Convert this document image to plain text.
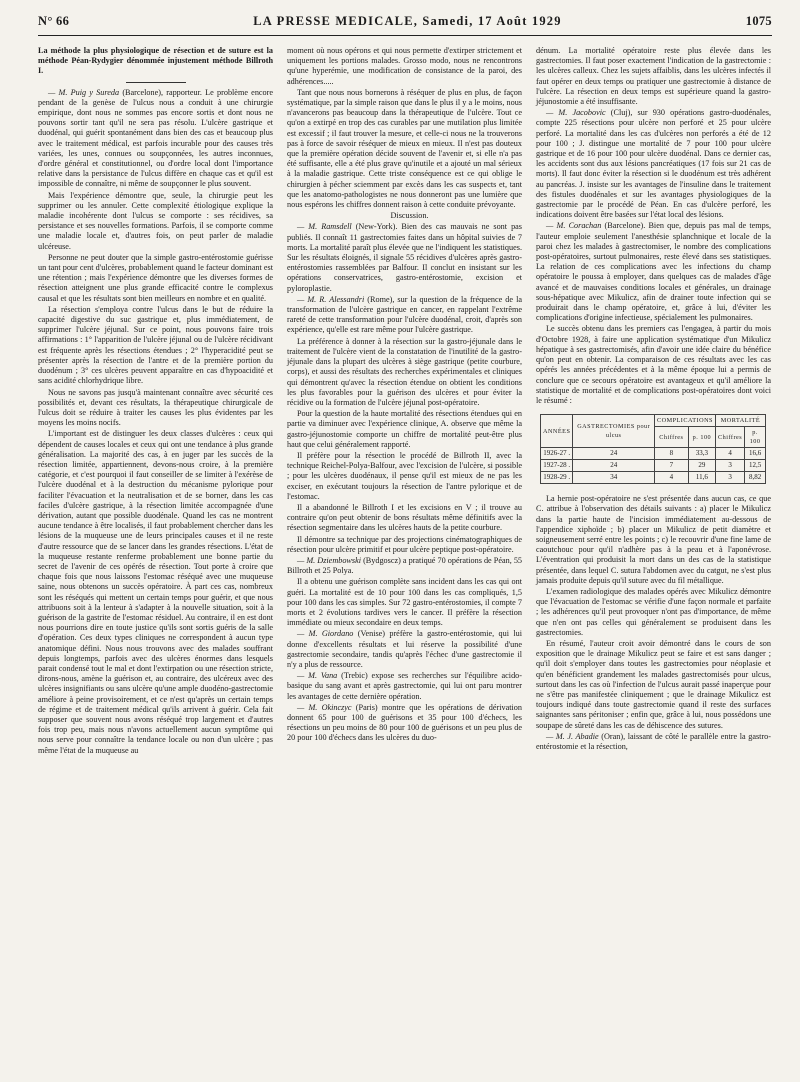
N° 66	LA PRESSE MEDICALE, Samedi, 17 Août 1929	1075

La méthode la plus physiologique de résection et de suture est la méthode Péan-Rydygier dénommée injustement méthode Billroth I.

— M. Puig y Sureda (Barcelone), rapporteur. Le problème encore pendant de la genèse de l'ulcus nous a conduit à une chirurgie empirique, dont nous ne sommes pas encore sortis et dont nous ne pouvons sortir tant qu'il ne sera pas résolu. L'ulcère gastrique et duodénal, qui guérit spontanément dans bien des cas et beaucoup plus avec le traitement médical, est parfois incurable pour des causes très variées, les unes, connues ou soupçonnées, les autres inconnues, d'ordre général et constitutionnel, ou d'ordre local dont l'importance relative dans la persistance de l'ulcus diffère en chaque cas et qu'il est impossible de connaître, ni même de soupçonner le plus souvent.

Mais l'expérience démontre que, seule, la chirurgie peut les supprimer ou les annuler. Cette complexité étiologique explique la maladie incohérente dont l'ulcus se comporte : ses récidives, sa persistance et ses nouvelles formations. Parfois, il se comporte comme une maladie locale et, d'autres fois, on peut parler de maladie ulcéreuse.

Personne ne peut douter que la simple gastro-entérostomie guérisse un tant pour cent d'ulcères, probablement quand le facteur dominant est une rétention ; mais l'expérience démontre que les diverses formes de résection atteignent une plus grande efficacité contre le complexus causal et que les résultats sont bien meilleurs en nombre et en qualité.

La résection s'employa contre l'ulcus dans le but de réduire la capacité digestive du suc gastrique et, plus immédiatement, de supprimer l'ulcère jéjunal. Sur ce point, nous pouvons faire trois affirmations : 1° l'apparition de l'ulcère jéjunal ou de l'ulcère récidivant est fréquente après les résections étendues ; 2° l'hyperacidité peut se présenter après la résection de l'antre et de la première portion du duodénum ; 3° ces ulcères peuvent apparaître en cas d'hypoacidité et sans acidité chlorhydrique libre.

Nous ne savons pas jusqu'à maintenant connaître avec sécurité ces possibilités et, devant ces résultats, la thérapeutique chirurgicale de l'ulcus doit se réduire à traiter les causes les plus évidentes par les moyens les moins nocifs.

L'important est de distinguer les deux classes d'ulcères : ceux qui dépendent de causes locales et ceux qui ont une tendance à plus grande généralisation. La majorité des cas, à en juger par les succès de la résection limitée, appartiennent, devons-nous croire, à la première catégorie, et c'est pourquoi il faut conseiller de se limiter à l'exérèse de l'ulcère duodénal et à la destruction du mécanisme pylorique pour faciliter l'évacuation et la neutralisation et de se borner, dans les cas faciles d'ulcère gastrique, à la résection limitée accompagnée d'une dérivation, autant que possible duodénale. Quand les cas ne montrent aucune tendance à être localisés, il faut probablement chercher dans les lésions de la muqueuse une de leurs principales causes et il ne reste d'autre ressource que de se lancer dans les grandes résections. L'état de la muqueuse restante renferme probablement une bonne partie du secret de l'avenir de ces opérés de résection. Tout porte à croire que chaque fois que nous laissons l'estomac réséqué avec une muqueuse saine, nous obtenons un succès opératoire. À part ces cas, nombreux sont les réséqués qui mettent un certain temps pour guérir, et que nous attribuons soit à la lenteur à s'adapter à la nouvelle situation, soit à la guérison de la gastrite de l'estomac résiduel. Au contraire, il en est dont nous pourrions dire en toute justice qu'ils sont sortis guéris de la salle d'opération. Ces deux types cliniques ne correspondent à aucun type anatomique défini. Nous nous trouvons avec des malades souffrant depuis longtemps, parfois avec des ulcères énormes dans lesquels parait condensé tout le mal et dont l'extirpation ou une résection stricte, dirons-nous, amène la guérison et, au contraire, des ulcéreux avec des ulcères insignifiants ou sans ulcère qu'une ample duodéno-gastrectomie améliore à peine provisoirement, et ce n'est qu'après un certain temps de régime et de traitement médical qu'ils arrivent à guérir. Cela fait supposer que souvent nous avons réséqué trop largement et d'autres fois trop peu, mais nous n'avons actuellement aucun symptôme qui nous serve pour connaître la tendance locale ou non d'un ulcère ; pas même l'état de la muqueuse au

moment où nous opérons et qui nous permette d'extirper strictement et uniquement les portions malades. Grosso modo, nous ne rencontrons qu'une hyperémie, une modification de consistance de la paroi, des adhérences.....

Tant que nous nous bornerons à réséquer de plus en plus, de façon systématique, par la simple raison que dans le plus il y a le moins, nous n'avancerons pas beaucoup dans la thérapeutique de l'ulcère. Tout ce qu'on a extirpé en trop des cas curables par une mutilation plus limitée est excessif ; il faut trouver la mesure, et celle-ci nous ne la trouverons pas à force de savoir réséquer de mieux en mieux. Il n'est pas douteux que la première opération décide souvent de l'avenir et, si elle n'a pas été suffisante, elle a été plus grave qu'inutile et a ajouté un mal sérieux à la maladie gastrique. Cette triste conséquence est ce qui oblige le chirurgien à pécher sciemment par excès dans les cas suspects et, tant que les anatomo-pathologistes ne nous donneront pas une lumière que nous espérons les chiffres donnent raison à cette conduite prévoyante.

Discussion.

— M. Ramsdell (New-York). Bien des cas mauvais ne sont pas publiés. Il connaît 11 gastrectomies faites dans un hôpital suivies de 7 morts. La mortalité paraît plus élevée que ne l'indiquent les statistiques. Sur les résultats éloignés, il signale 55 récidives d'ulcères après gastro-entérostomies rassemblées par Balfour. Il conclut en insistant sur les opérations conservatrices, gastro-entérostomie, excision et pyloroplastie.

— M. R. Alessandri (Rome), sur la question de la fréquence de la transformation de l'ulcère gastrique en cancer, en rappelant l'extrême rareté de cette transformation pour l'ulcère duodénal, croit, d'après son expérience, qu'elle est rare même pour l'ulcère gastrique.

La préférence à donner à la résection sur la gastro-jéjunale dans le traitement de l'ulcère vient de la constatation de l'inutilité de la gastro-jéjunale dans la plupart des ulcères à siège gastrique (petite courbure, corps), et aussi des résultats des recherches expérimentales et cliniques qui démontrent qu'avec la résection étendue on obtient les conditions les plus favorables pour la guérison des ulcères et pour éviter la récidive ou la formation de l'ulcère jéjunal post-opératoire.

Pour la question de la haute mortalité des résections étendues qui en partie va diminuer avec l'expérience clinique, A. observe que même la gastro-jéjunostomie comporte un chiffre de mortalité peut-être plus haut que celui généralement rapporté.

Il préfère pour la résection le procédé de Billroth II, avec la technique Reichel-Polya-Balfour, avec l'excision de l'ulcère, si possible ; pour les ulcères duodénaux, il pense qu'il est mieux de ne pas les exciser, en exécutant toujours la résection de l'antre pylorique et de l'estomac.

Il a abandonné le Billroth I et les excisions en V ; il trouve au contraire qu'on peut obtenir de bons résultats même définitifs avec la résection segmentaire dans les ulcères hauts de la petite courbure.

Il démontre sa technique par des projections cinématographiques de résection pour ulcère primitif et pour ulcère peptique post-opératoire.

— M. Dziembowski (Bydgoscz) a pratiqué 70 opérations de Péan, 55 Billroth et 25 Polya.

Il a obtenu une guérison complète sans incident dans les cas qui ont guéri. La mortalité est de 10 pour 100 dans les cas compliqués, 1,5 pour 100 dans les cas simples. Sur 72 gastro-entérostomies, il compte 7 morts et 2 évolutions tardives vers le cancer. Il préfère la résection immédiate ou mieux secondaire en deux temps.

— M. Giordano (Venise) préfère la gastro-entérostomie, qui lui donne d'excellents résultats et lui réserve la possibilité d'une gastrectomie secondaire, tandis qu'après l'échec d'une gastrectomie il n'y a plus de ressource.

— M. Vana (Trebic) expose ses recherches sur l'équilibre acido-basique du sang avant et après gastrectomie, qui lui ont paru montrer les avantages de cette dernière opération.

— M. Okinczyc (Paris) montre que les opérations de dérivation donnent 65 pour 100 de guérisons et 35 pour 100 d'échecs, les résections un peu moins de 80 pour 100 de guérisons et un peu plus de 20 pour 100 d'échecs dans les ulcères du duo-

dénum. La mortalité opératoire reste plus élevée dans les gastrectomies. Il faut poser exactement l'indication de la gastrectomie : les ulcères calleux. Chez les sujets affaiblis, dans les ulcères infectés il faut opérer en deux temps ou pratiquer une gastrectomie à distance de l'ulcère. La résection en deux temps est supérieure quand la gastro-jéjunostomie a été insuffisante.

— M. Jacobovic (Cluj), sur 930 opérations gastro-duodénales, compte 225 résections pour ulcère non perforé et 25 pour ulcère perforé. La mortalité dans les cas d'ulcères non perforés a été de 12 pour 100 ; J. distingue une mortalité de 7 pour 100 pour ulcère gastrique et de 16 pour 100 pour ulcère duodénal. Dans ce dernier cas, les accidents sont dus aux lésions pancréatiques (17 fois sur 21 cas de morts). Il faut donc éviter la résection si le duodénum est très adhérent au pancréas. J. insiste sur les avantages de l'insuline dans le traitement des fistules duodénales et sur les avantages physiologiques de la gastrectomie par le procédé de Péan. En cas d'ulcère perforé, les indications doivent être basées sur l'état local des lésions.

— M. Corachan (Barcelone). Bien que, depuis pas mal de temps, l'auteur emploie seulement l'anesthésie splanchnique et locale de la paroi chez les malades à gastrectomiser, le nombre des complications post-opératoires, surtout pulmonaires, reste élevé dans ses statistiques. La relation de ces complications avec les infections du champ opératoire le poussa à employer, dans quelques cas de malades d'âge avancé et de mauvaises conditions locales et générales, un drainage sous-hépatique avec Mikulicz, afin de drainer toute infection qui se produirait dans le champ opératoire, et, grâce à lui, d'éviter les complications d'origine infectieuse, spécialement les pulmonaires.

Le succès obtenu dans les premiers cas l'engagea, à partir du mois d'Octobre 1928, à faire une application systématique d'un Mikulicz hépatique à ses gastrectomisés, afin d'avoir une idée claire du bénéfice qu'on peut en obtenir. La comparaison de ces résultats avec les cas opérés les années précédentes et à la même époque lui a permis de conclure que ce secours opératoire est avantageux et qu'il améliore la statistique de mortalité et de complications post-opératoires dont voici le résumé :

ANNÉES	GASTRECTOMIES pour ulcus	COMPLICATIONS		MORTALITÉ	
		Chiffres	p. 100	Chiffres	p. 100
1926-27 .	24	8	33,3	4	16,6
1927-28 .	24	7	29	3	12,5
1928-29 .	34	4	11,6	3	8,82

La hernie post-opératoire ne s'est présentée dans aucun cas, ce que C. attribue à l'observation des détails suivants : a) placer le Mikulicz dans la partie haute de l'incision immédiatement au-dessous de l'appendice xiphoïde ; b) placer un Mikulicz de petit diamètre et soigneusement serré entre les points ; c) le recouvrir d'une fine lame de caoutchouc pour qu'il n'adhère pas à la peau et à l'aponévrose. L'éventration qui produisit la mort dans un des cas de la statistique présentée, dans lequel C. sutura l'abdomen avec du catgut, ne s'est plus jamais produite depuis qu'il suture avec du fil métallique.

L'examen radiologique des malades opérés avec Mikulicz démontre que l'évacuation de l'estomac se vérifie d'une façon normale et parfaite ; les adhérences qu'il peut provoquer n'ont pas d'importance, de même que n'en ont pas celles qui généralement se produisent dans les gastrectomies.

En résumé, l'auteur croit avoir démontré dans le cours de son exposition que le drainage Mikulicz peut se faire et est sans danger ; qu'il doit s'employer dans toutes les gastrectomies pour néoplasie et qu'en bénéficient grandement les malades gastrectomisés pour ulcus, surtout dans les cas où l'infection de l'ulcus aurait passé inaperçue pour ne s'être pas manifestée cliniquement ; que le drainage Mikulicz est toujours indiqué dans toute gastrectomie quand il reste des surfaces saignantes sans péritoniser ; enfin que, grâce à lui, nous possédons une soupape de sûreté dans les cas de déhiscence des sutures.

— M. J. Abadie (Oran), laissant de côté le parallèle entre la gastro-entérostomie et la résection,
